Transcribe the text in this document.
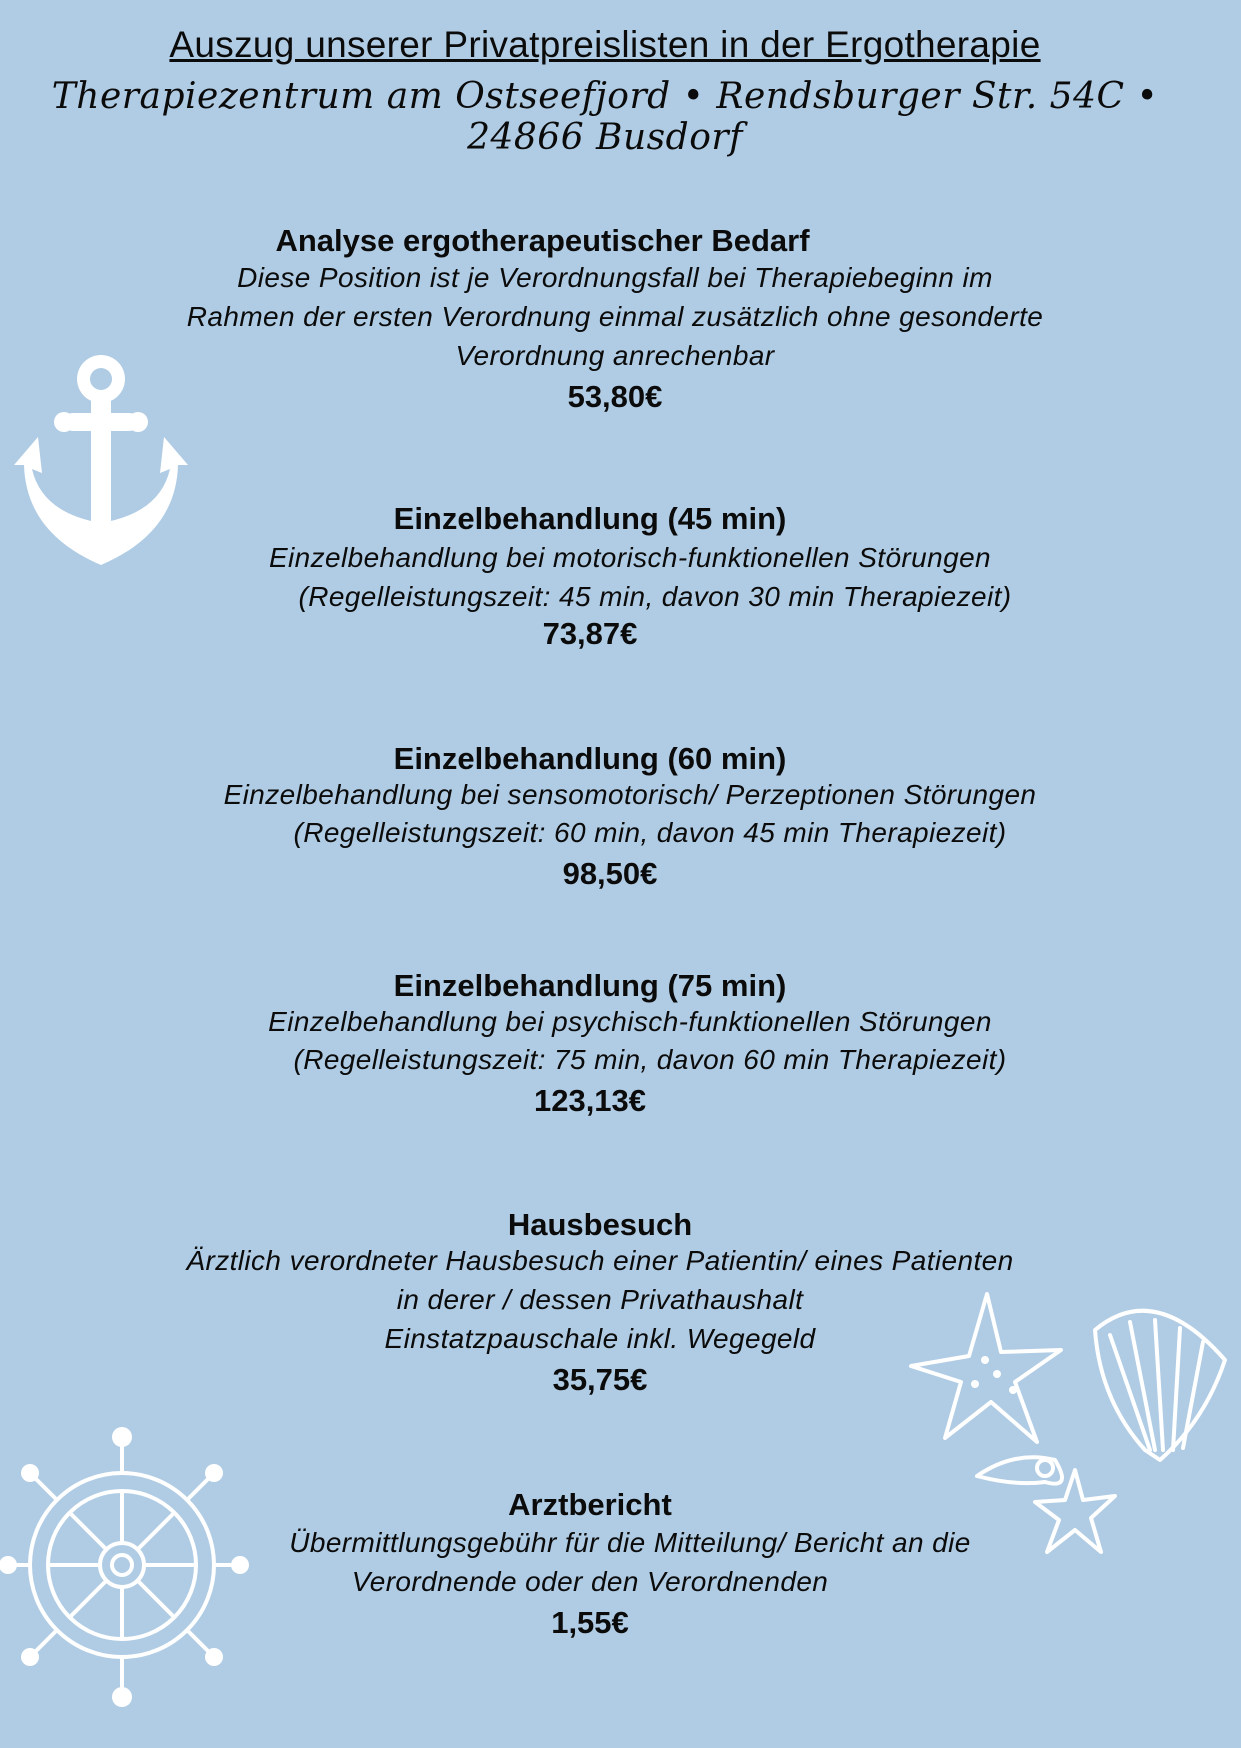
Auszug unserer Privatpreislisten in der Ergotherapie
Therapiezentrum am Ostseefjord • Rendsburger Str. 54C • 24866 Busdorf
Analyse ergotherapeutischer Bedarf

Diese Position ist je Verordnungsfall bei Therapiebeginn im

Rahmen der ersten Verordnung einmal zusätzlich ohne gesonderte

Verordnung anrechenbar

53,80€

Einzelbehandlung (45 min)

Einzelbehandlung bei motorisch-funktionellen Störungen

(Regelleistungszeit: 45 min, davon 30 min Therapiezeit)

73,87€

Einzelbehandlung (60 min)

Einzelbehandlung bei sensomotorisch/ Perzeptionen Störungen

(Regelleistungszeit: 60 min, davon 45 min Therapiezeit)

98,50€

Einzelbehandlung (75 min)

Einzelbehandlung bei psychisch-funktionellen Störungen

(Regelleistungszeit: 75 min, davon 60 min Therapiezeit)

123,13€

Hausbesuch

Ärztlich verordneter Hausbesuch einer Patientin/ eines Patienten

in derer / dessen Privathaushalt

Einstatzpauschale inkl. Wegegeld

35,75€

Arztbericht

Übermittlungsgebühr für die Mitteilung/ Bericht an die

Verordnende oder den Verordnenden

1,55€
